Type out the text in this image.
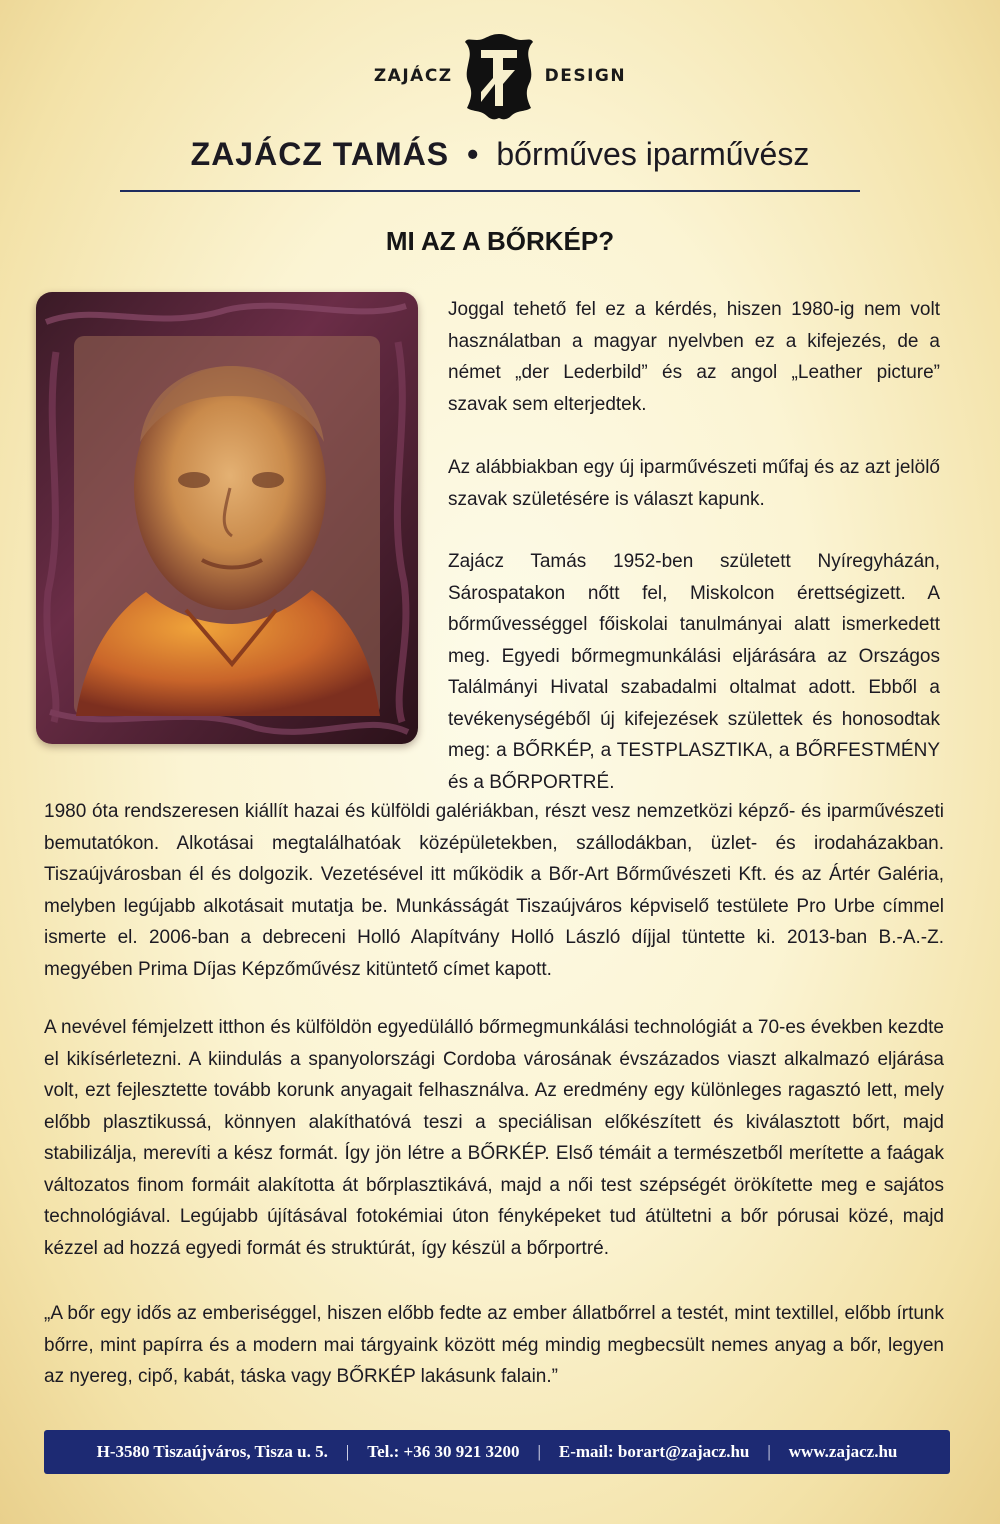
ZAJÁCZ	DESIGN
ZAJÁCZ TAMÁS • bőrműves iparművész
MI AZ A BŐRKÉP?

Joggal tehető fel ez a kérdés, hiszen 1980-ig nem volt használatban a magyar nyelvben ez a kifejezés, de a német „der Lederbild” és az angol „Leather picture” szavak sem elterjedtek.

Az alábbiakban egy új iparművészeti műfaj és az azt jelölő szavak születésére is választ kapunk.

Zajácz Tamás 1952-ben született Nyíregyházán, Sárospatakon nőtt fel, Miskolcon érettségizett. A bőrművességgel főiskolai tanulmányai alatt ismerkedett meg. Egyedi bőrmegmunkálási eljárására az Országos Találmányi Hivatal szabadalmi oltalmat adott. Ebből a tevékenységéből új kifejezések születtek és honosodtak meg: a BŐRKÉP, a TESTPLASZTIKA, a BŐRFESTMÉNY és a BŐRPORTRÉ.

1980 óta rendszeresen kiállít hazai és külföldi galériákban, részt vesz nemzetközi képző- és iparművészeti bemutatókon. Alkotásai megtalálhatóak középületekben, szállodákban, üzlet- és irodaházakban. Tiszaújvárosban él és dolgozik. Vezetésével itt működik a Bőr-Art Bőrművészeti Kft. és az Ártér Galéria, melyben legújabb alkotásait mutatja be. Munkásságát Tiszaújváros képviselő testülete Pro Urbe címmel ismerte el. 2006-ban a debreceni Holló Alapítvány Holló László díjjal tüntette ki. 2013-ban B.-A.-Z. megyében Prima Díjas Képzőművész kitüntető címet kapott.

A nevével fémjelzett itthon és külföldön egyedülálló bőrmegmunkálási technológiát a 70-es években kezdte el kikísérletezni. A kiindulás a spanyolországi Cordoba városának évszázados viaszt alkalmazó eljárása volt, ezt fejlesztette tovább korunk anyagait felhasználva. Az eredmény egy különleges ragasztó lett, mely előbb plasztikussá, könnyen alakíthatóvá teszi a speciálisan előkészített és kiválasztott bőrt, majd stabilizálja, merevíti a kész formát. Így jön létre a BŐRKÉP. Első témáit a természetből merítette a faágak változatos finom formáit alakította át bőrplasztikává, majd a női test szépségét örökítette meg e sajátos technológiával. Legújabb újításával fotokémiai úton fényképeket tud átültetni a bőr pórusai közé, majd kézzel ad hozzá egyedi formát és struktúrát, így készül a bőrportré.

„A bőr egy idős az emberiséggel, hiszen előbb fedte az ember állatbőrrel a testét, mint textillel, előbb írtunk bőrre, mint papírra és a modern mai tárgyaink között még mindig megbecsült nemes anyag a bőr, legyen az nyereg, cipő, kabát, táska vagy BŐRKÉP lakásunk falain.”

H-3580 Tiszaújváros, Tisza u. 5. | Tel.: +36 30 921 3200 | E-mail: borart@zajacz.hu | www.zajacz.hu
